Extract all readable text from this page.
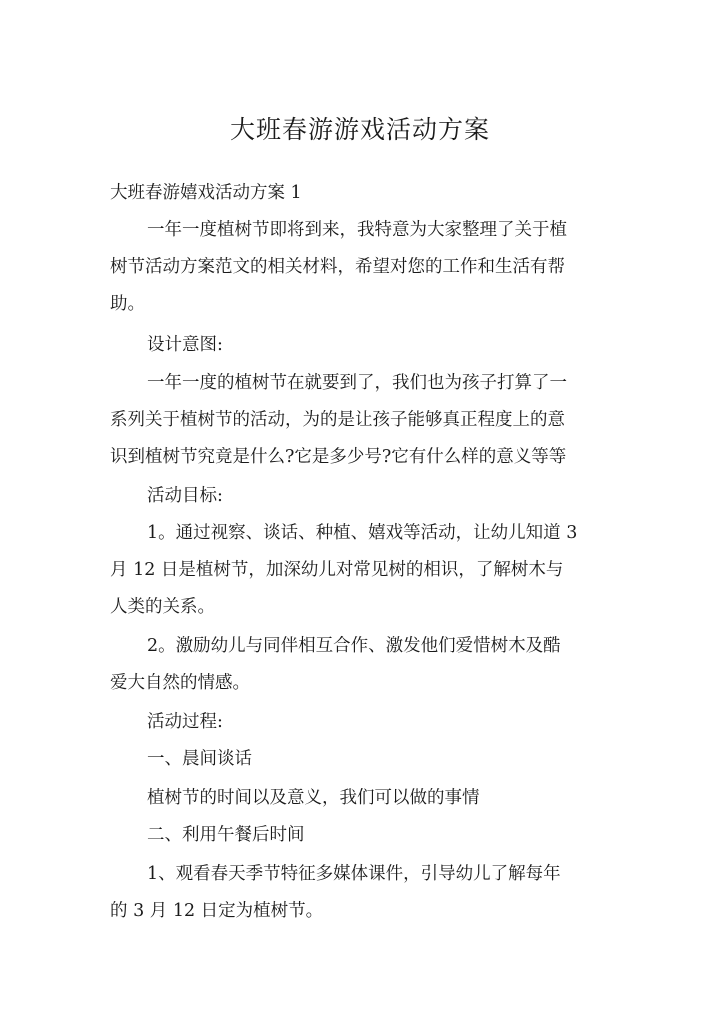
大班春游游戏活动方案

大班春游嬉戏活动方案 1

一年一度植树节即将到来，我特意为大家整理了关于植

树节活动方案范文的相关材料，希望对您的工作和生活有帮

助。

设计意图:

一年一度的植树节在就要到了，我们也为孩子打算了一

系列关于植树节的活动，为的是让孩子能够真正程度上的意

识到植树节究竟是什么?它是多少号?它有什么样的意义等等

活动目标:

1。通过视察、谈话、种植、嬉戏等活动，让幼儿知道 3

月 12 日是植树节，加深幼儿对常见树的相识，了解树木与

人类的关系。

2。激励幼儿与同伴相互合作、激发他们爱惜树木及酷

爱大自然的情感。

活动过程:

一、晨间谈话

植树节的时间以及意义，我们可以做的事情

二、利用午餐后时间

1、观看春天季节特征多媒体课件，引导幼儿了解每年

的 3 月 12 日定为植树节。
